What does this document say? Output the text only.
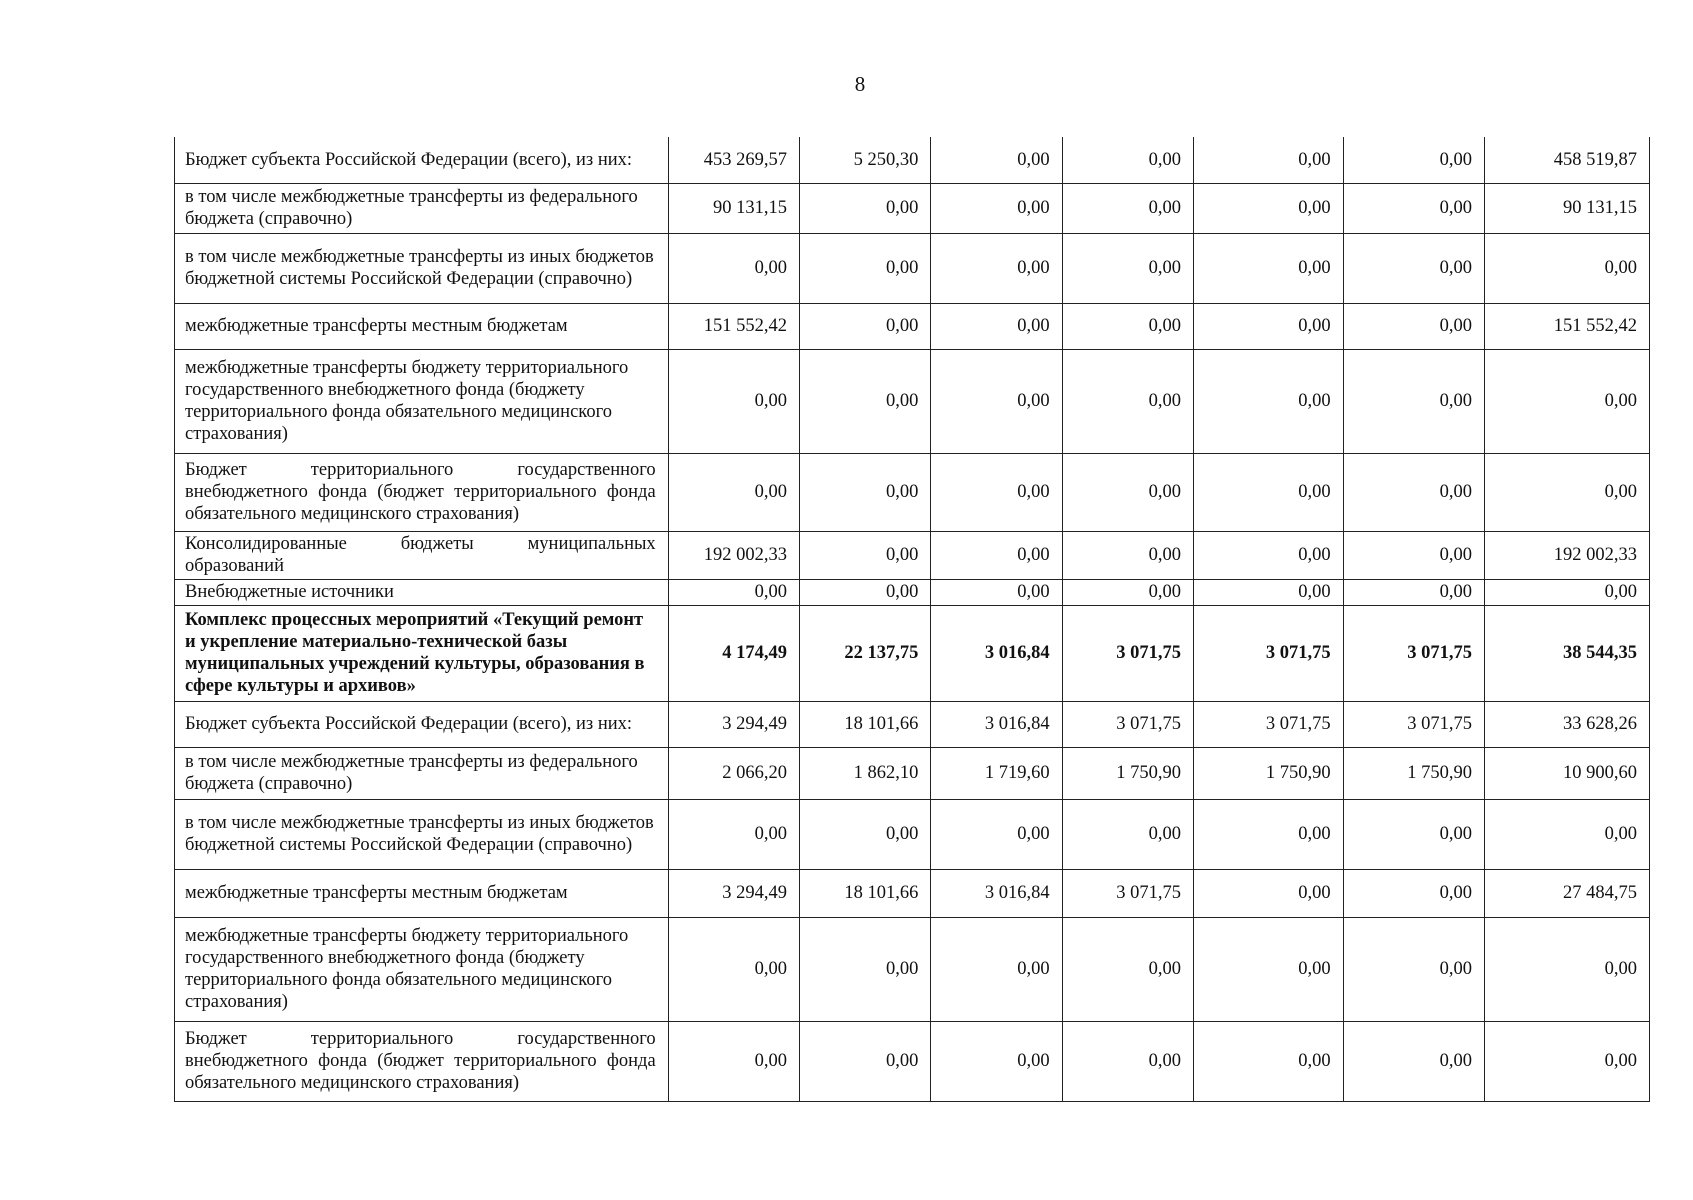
8
Бюджет субъекта Российской Федерации (всего), из них:	453 269,57	5 250,30	0,00	0,00	0,00	0,00	458 519,87
в том числе межбюджетные трансферты из федерального бюджета (справочно)	90 131,15	0,00	0,00	0,00	0,00	0,00	90 131,15
в том числе межбюджетные трансферты из иных бюджетов бюджетной системы Российской Федерации (справочно)	0,00	0,00	0,00	0,00	0,00	0,00	0,00
межбюджетные трансферты местным бюджетам	151 552,42	0,00	0,00	0,00	0,00	0,00	151 552,42
межбюджетные трансферты бюджету территориального государственного внебюджетного фонда (бюджету территориального фонда обязательного медицинского страхования)	0,00	0,00	0,00	0,00	0,00	0,00	0,00
Бюджет территориального государственного внебюджетного фонда (бюджет территориального фонда обязательного медицинского страхования)	0,00	0,00	0,00	0,00	0,00	0,00	0,00
Консолидированные бюджеты муниципальных образований	192 002,33	0,00	0,00	0,00	0,00	0,00	192 002,33
Внебюджетные источники	0,00	0,00	0,00	0,00	0,00	0,00	0,00
Комплекс процессных мероприятий «Текущий ремонт и укрепление материально-технической базы муниципальных учреждений культуры, образования в сфере культуры и архивов»	4 174,49	22 137,75	3 016,84	3 071,75	3 071,75	3 071,75	38 544,35
Бюджет субъекта Российской Федерации (всего), из них:	3 294,49	18 101,66	3 016,84	3 071,75	3 071,75	3 071,75	33 628,26
в том числе межбюджетные трансферты из федерального бюджета (справочно)	2 066,20	1 862,10	1 719,60	1 750,90	1 750,90	1 750,90	10 900,60
в том числе межбюджетные трансферты из иных бюджетов бюджетной системы Российской Федерации (справочно)	0,00	0,00	0,00	0,00	0,00	0,00	0,00
межбюджетные трансферты местным бюджетам	3 294,49	18 101,66	3 016,84	3 071,75	0,00	0,00	27 484,75
межбюджетные трансферты бюджету территориального государственного внебюджетного фонда (бюджету территориального фонда обязательного медицинского страхования)	0,00	0,00	0,00	0,00	0,00	0,00	0,00
Бюджет территориального государственного внебюджетного фонда (бюджет территориального фонда обязательного медицинского страхования)	0,00	0,00	0,00	0,00	0,00	0,00	0,00
